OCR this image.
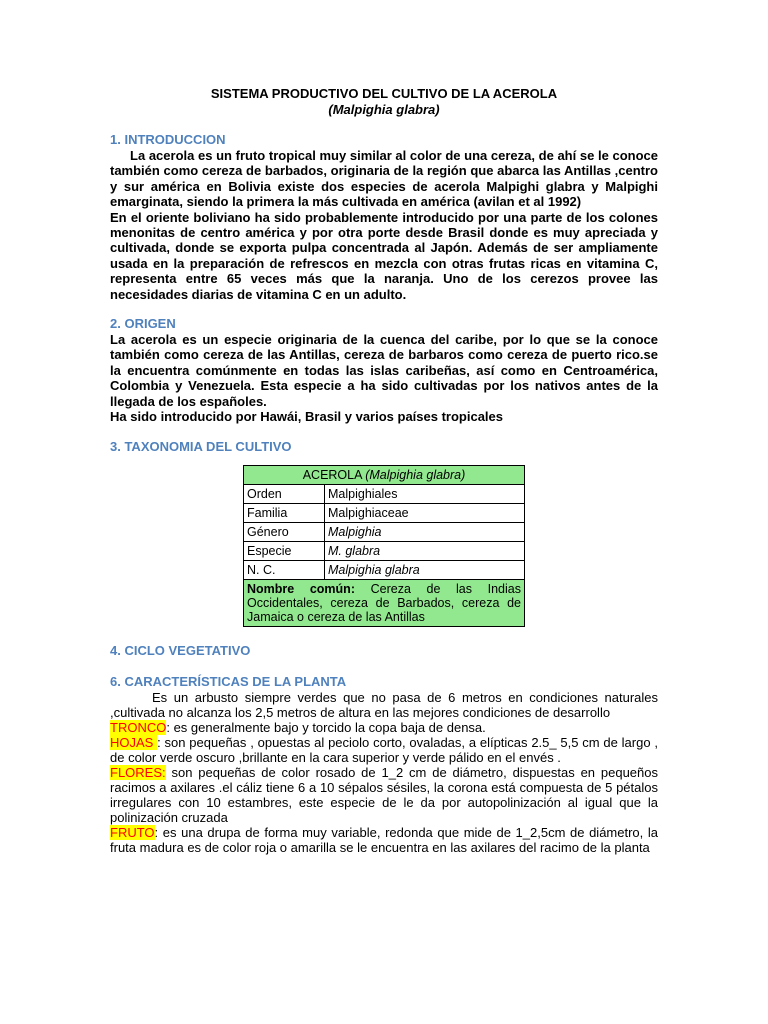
SISTEMA PRODUCTIVO DEL CULTIVO DE LA ACEROLA
(Malpighia glabra)
1. INTRODUCCION

La acerola es un fruto tropical muy similar al color de una cereza, de ahí se le conoce también como cereza de barbados, originaria de la región que abarca las Antillas ,centro y sur américa en Bolivia existe dos especies de acerola Malpighi glabra y Malpighi emarginata, siendo la primera la más cultivada en américa (avilan et al 1992)

En el oriente boliviano ha sido probablemente introducido por una parte de los colones menonitas de centro américa y por otra porte desde Brasil donde es muy apreciada y cultivada, donde se exporta pulpa concentrada al Japón. Además de ser ampliamente usada en la preparación de refrescos en mezcla con otras frutas ricas en vitamina C, representa entre 65 veces más que la naranja. Uno de los cerezos provee las necesidades diarias de vitamina C en un adulto.

2. ORIGEN

La acerola es un especie originaria de la cuenca del caribe, por lo que se la conoce también como cereza de las Antillas, cereza de barbaros como cereza de puerto rico.se la encuentra comúnmente en todas las islas caribeñas, así como en Centroamérica, Colombia y Venezuela. Esta especie a ha sido cultivadas por los nativos antes de la llegada de los españoles.

Ha sido introducido por Hawái, Brasil y varios países tropicales

3. TAXONOMIA DEL CULTIVO
ACEROLA (Malpighia glabra)	
Orden	Malpighiales
Familia	Malpighiaceae
Género	Malpighia
Especie	M. glabra
N. C.	Malpighia glabra
Nombre común: Cereza de las Indias Occidentales, cereza de Barbados, cereza de Jamaica o cereza de las Antillas	
4. CICLO VEGETATIVO
6. CARACTERÍSTICAS DE LA PLANTA

Es un arbusto siempre verdes que no pasa de 6 metros en condiciones naturales ,cultivada no alcanza los 2,5 metros de altura en las mejores condiciones de desarrollo

TRONCO: es generalmente bajo y torcido la copa baja de densa.

HOJAS : son pequeñas , opuestas al peciolo corto, ovaladas, a elípticas 2.5_ 5,5 cm de largo , de color verde oscuro ,brillante en la cara superior y verde pálido en el envés .

FLORES: son pequeñas de color rosado de 1_2 cm de diámetro, dispuestas en pequeños racimos a axilares .el cáliz tiene 6 a 10 sépalos sésiles, la corona está compuesta de 5 pétalos irregulares con 10 estambres, este especie de le da por autopolinización al igual que la polinización cruzada

FRUTO: es una drupa de forma muy variable, redonda que mide de 1_2,5cm de diámetro, la fruta madura es de color roja o amarilla se le encuentra en las axilares del racimo de la planta
